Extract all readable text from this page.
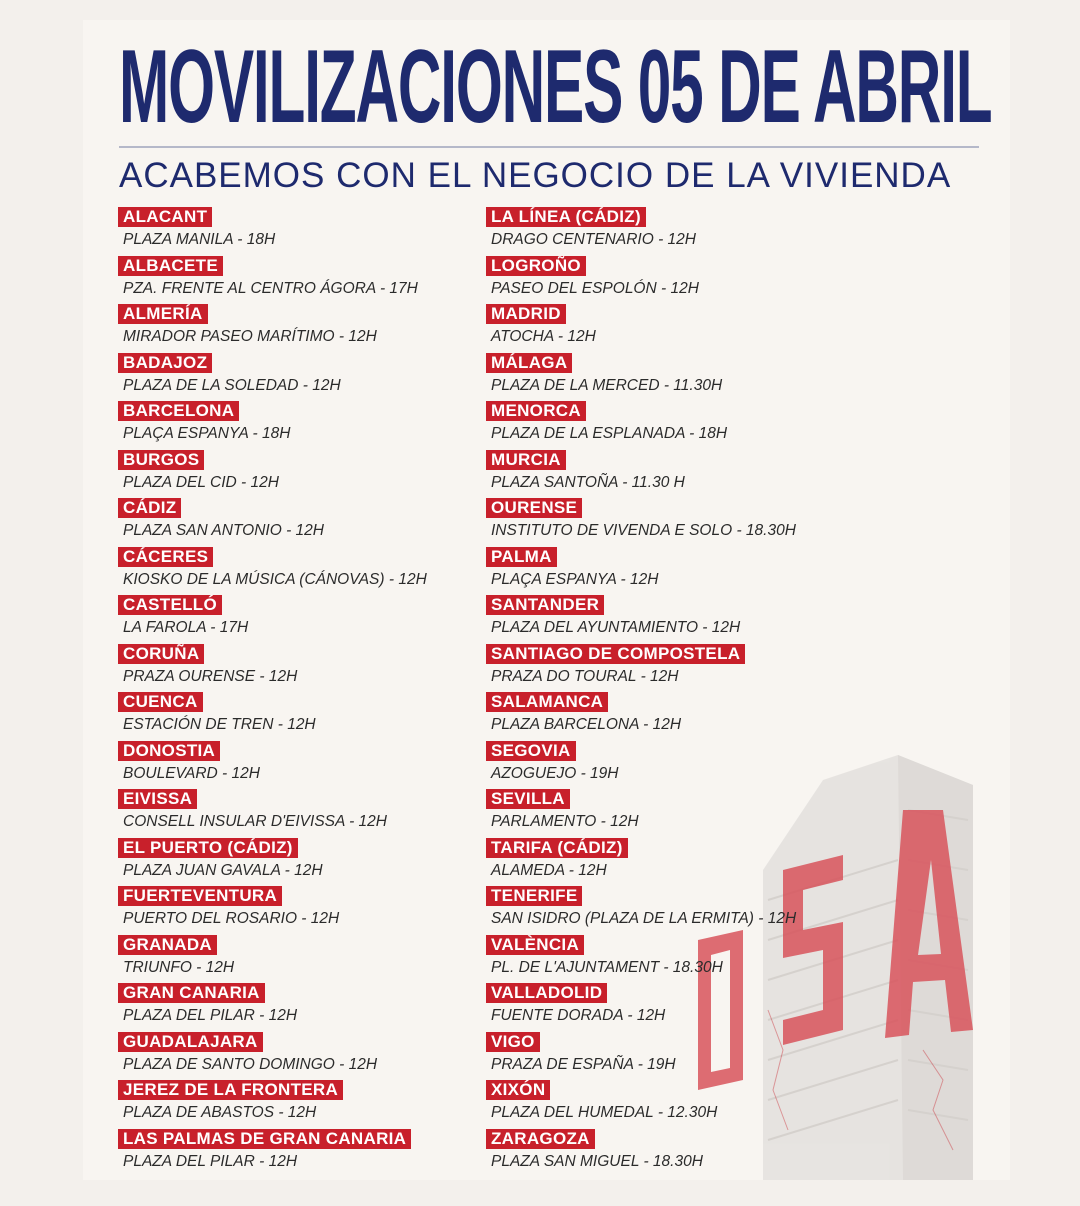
MOVILIZACIONES 05 DE ABRIL
ACABEMOS CON EL NEGOCIO DE LA VIVIENDA
ALACANT
PLAZA MANILA - 18H
ALBACETE
PZA. FRENTE AL CENTRO ÁGORA - 17H
ALMERÍA
MIRADOR PASEO MARÍTIMO - 12H
BADAJOZ
PLAZA DE LA SOLEDAD - 12H
BARCELONA
PLAÇA ESPANYA - 18H
BURGOS
PLAZA DEL CID - 12H
CÁDIZ
PLAZA SAN ANTONIO - 12H
CÁCERES
KIOSKO DE LA MÚSICA (CÁNOVAS) - 12H
CASTELLÓ
LA FAROLA - 17H
CORUÑA
PRAZA OURENSE - 12H
CUENCA
ESTACIÓN DE TREN - 12H
DONOSTIA
BOULEVARD - 12H
EIVISSA
CONSELL INSULAR D'EIVISSA - 12H
EL PUERTO (CÁDIZ)
PLAZA JUAN GAVALA - 12H
FUERTEVENTURA
PUERTO DEL ROSARIO - 12H
GRANADA
TRIUNFO - 12H
GRAN CANARIA
PLAZA DEL PILAR - 12H
GUADALAJARA
PLAZA DE SANTO DOMINGO - 12H
JEREZ DE LA FRONTERA
PLAZA DE ABASTOS - 12H
LAS PALMAS DE GRAN CANARIA
PLAZA DEL PILAR - 12H
LA LÍNEA (CÁDIZ)
DRAGO CENTENARIO - 12H
LOGROÑO
PASEO DEL ESPOLÓN - 12H
MADRID
ATOCHA - 12H
MÁLAGA
PLAZA DE LA MERCED - 11.30H
MENORCA
PLAZA DE LA ESPLANADA - 18H
MURCIA
PLAZA SANTOÑA - 11.30 H
OURENSE
INSTITUTO DE VIVENDA E SOLO - 18.30H
PALMA
PLAÇA ESPANYA - 12H
SANTANDER
PLAZA DEL AYUNTAMIENTO - 12H
SANTIAGO DE COMPOSTELA
PRAZA DO TOURAL - 12H
SALAMANCA
PLAZA BARCELONA - 12H
SEGOVIA
AZOGUEJO - 19H
SEVILLA
PARLAMENTO - 12H
TARIFA (CÁDIZ)
ALAMEDA - 12H
TENERIFE
SAN ISIDRO (PLAZA DE LA ERMITA) - 12H
VALÈNCIA
PL. DE L'AJUNTAMENT - 18.30H
VALLADOLID
FUENTE DORADA - 12H
VIGO
PRAZA DE ESPAÑA - 19H
XIXÓN
PLAZA DEL HUMEDAL - 12.30H
ZARAGOZA
PLAZA SAN MIGUEL - 18.30H
